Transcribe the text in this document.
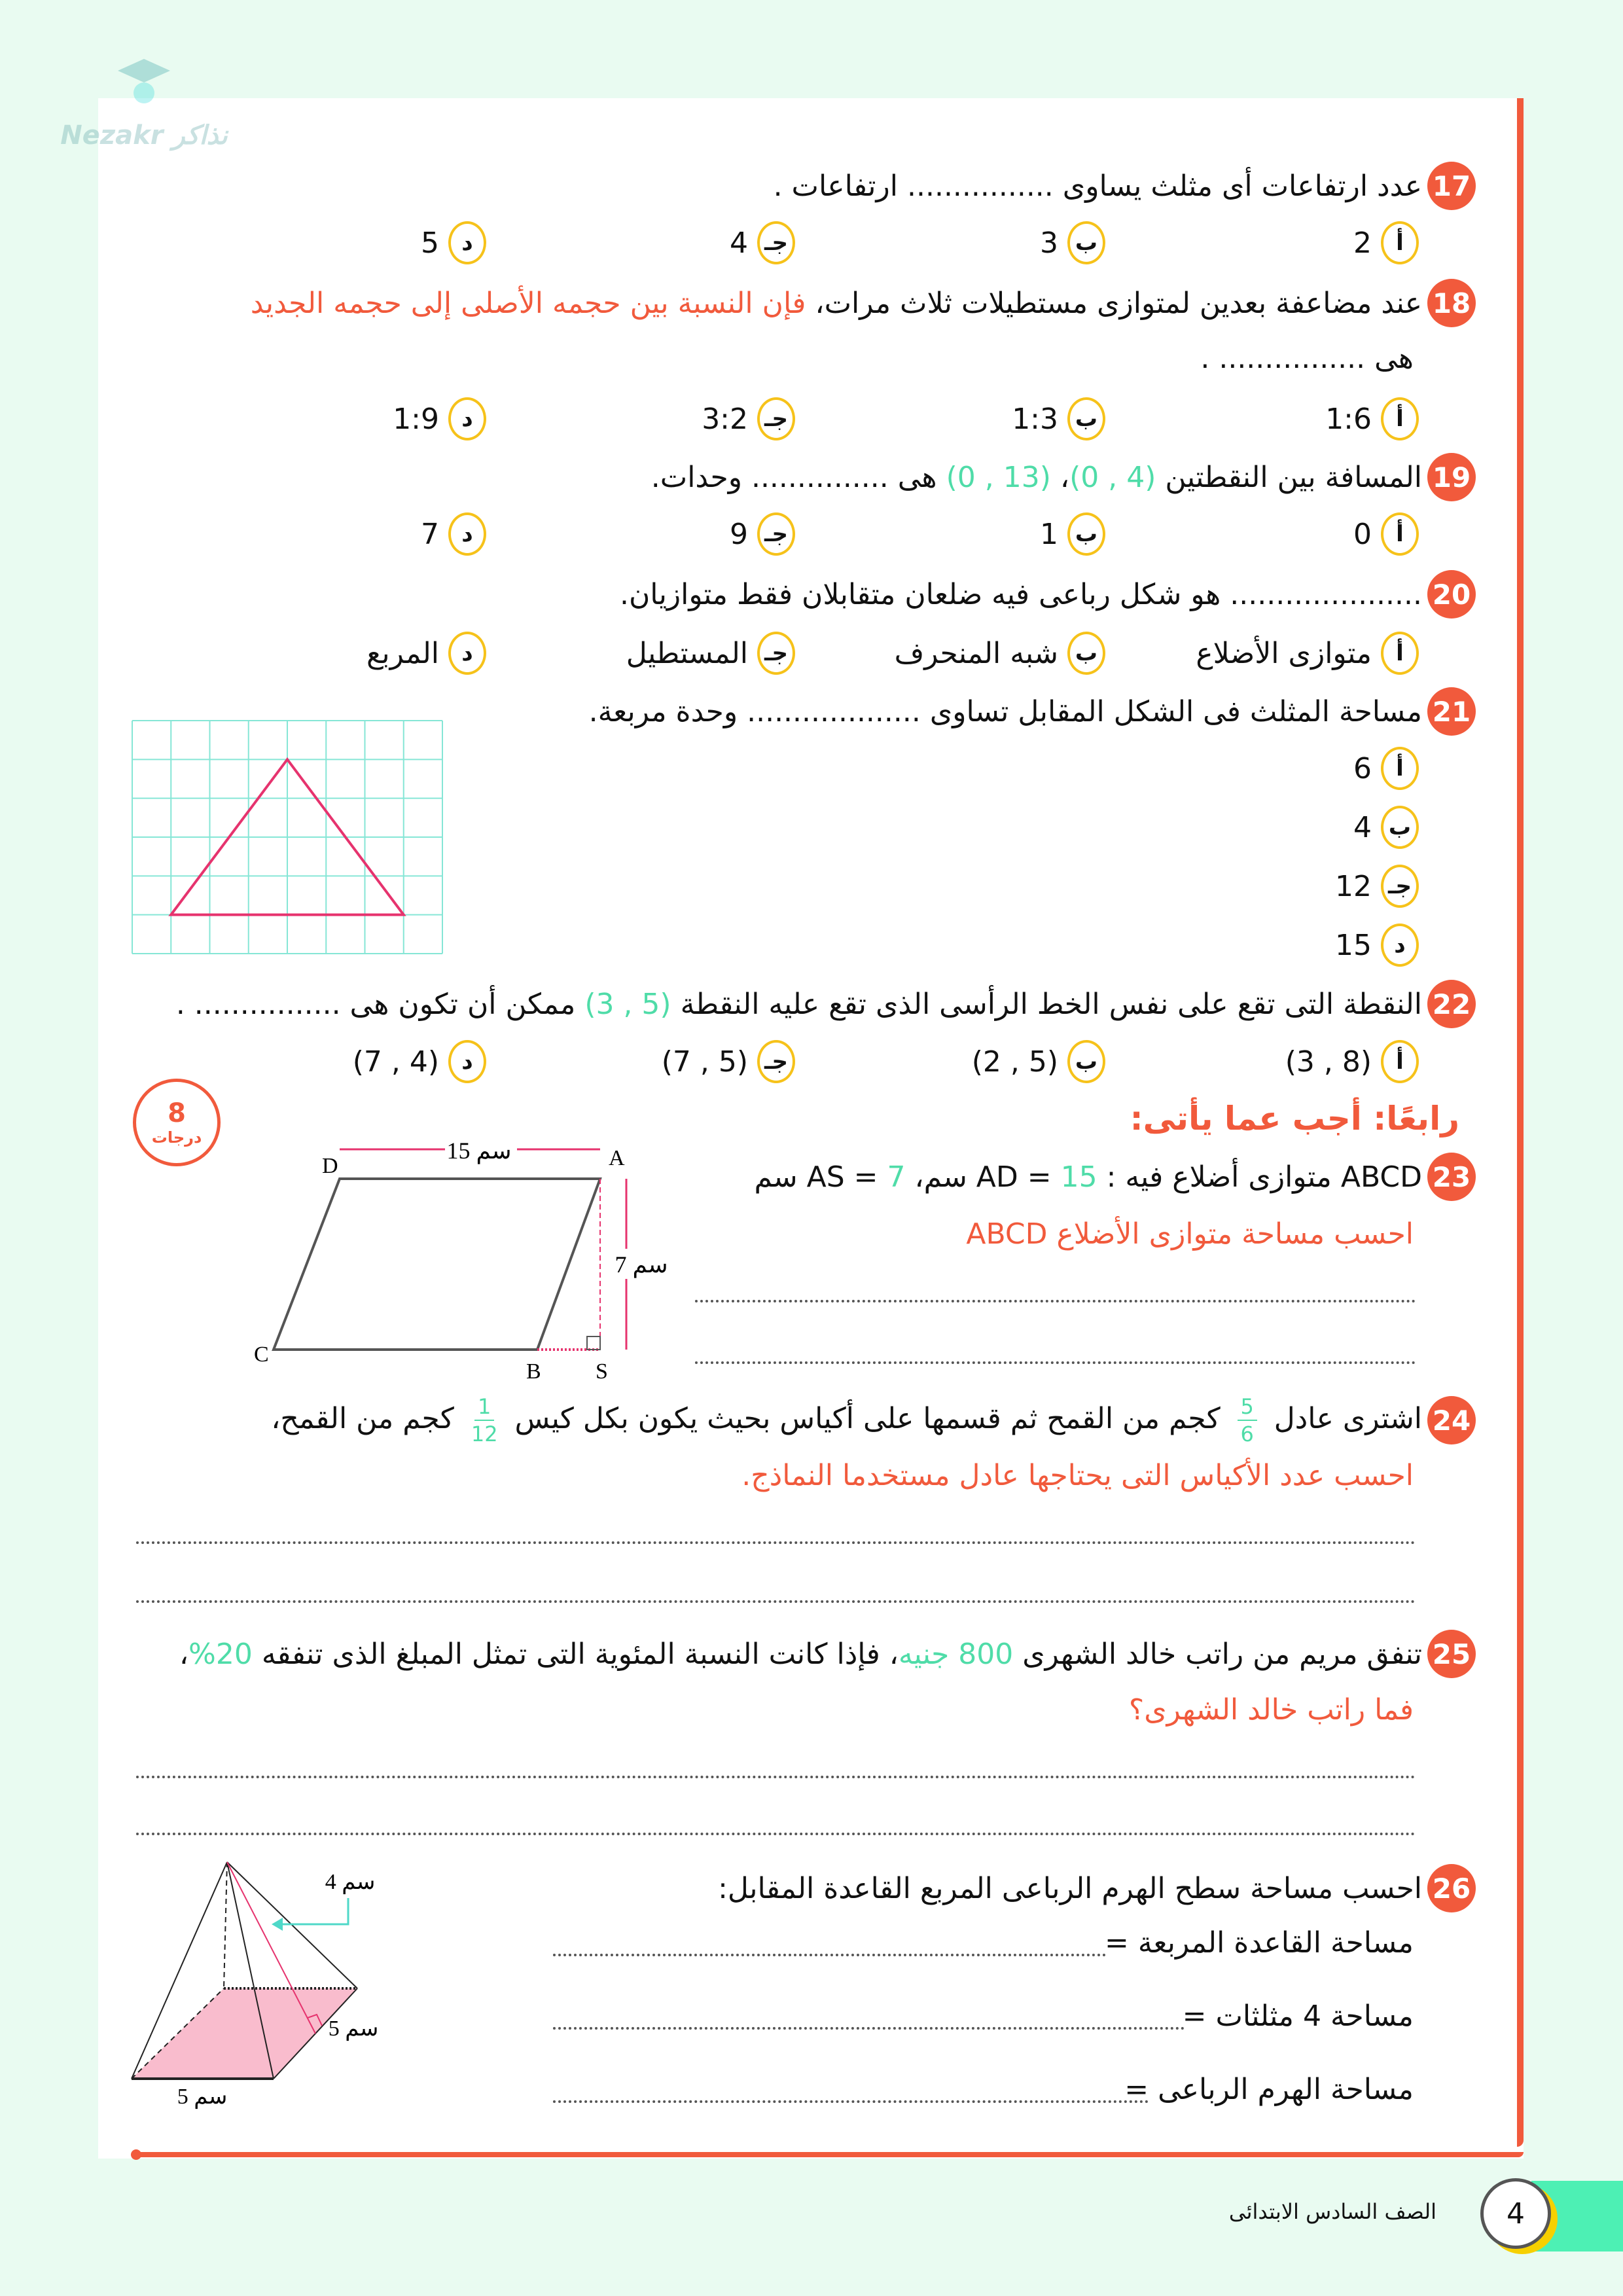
Nezakr نذاكر
17
عدد ارتفاعات أى مثلث يساوى ................ ارتفاعات .
أ
2
ب
3
جـ
4
د
5
18
عند مضاعفة بعدين لمتوازى مستطيلات ثلاث مرات، فإن النسبة بين حجمه الأصلى إلى حجمه الجديد
هى ................ .
أ
1:6
ب
1:3
جـ
3:2
د
1:9
19
المسافة بين النقطتين (0 , 4)، (0 , 13) هى ............... وحدات.
أ
0
ب
1
جـ
9
د
7
20
..................... هو شكل رباعى فيه ضلعان متقابلان فقط متوازيان.
أ
متوازى الأضلاع
ب
شبه المنحرف
جـ
المستطيل
د
المربع
21
مساحة المثلث فى الشكل المقابل تساوى ................... وحدة مربعة.
أ
6
ب
4
جـ
12
د
15
22
النقطة التى تقع على نفس الخط الرأسى الذى تقع عليه النقطة (3 , 5) ممكن أن تكون هى ................ .
أ
(3 , 8)
ب
(2 , 5)
جـ
(7 , 5)
د
(7 , 4)
23
ABCD متوازى أضلاع فيه : AD = 15 سم، AS = 7 سم
احسب مساحة متوازى الأضلاع ABCD
24
اشترى عادل
$\frac{5}{6}$
كجم من القمح ثم قسمها على أكياس بحيث يكون بكل كيس
$\frac{1}{12}$
كجم من القمح،
احسب عدد الأكياس التى يحتاجها عادل مستخدما النماذج.
25
تنفق مريم من راتب خالد الشهرى 800 جنيه، فإذا كانت النسبة المئوية التى تمثل المبلغ الذى تنفقه 20%،
فما راتب خالد الشهرى؟
26
احسب مساحة سطح الهرم الرباعى المربع القاعدة المقابل:
مساحة القاعدة المربعة =
مساحة 4 مثلثات =
مساحة الهرم الرباعى =
رابعًا: أجب عما يأتى:
8
درجات	15 سم
7 سم
D	A
C
B S
4 سم
5 سم
5 سم
4
الصف السادس الابتدائى
